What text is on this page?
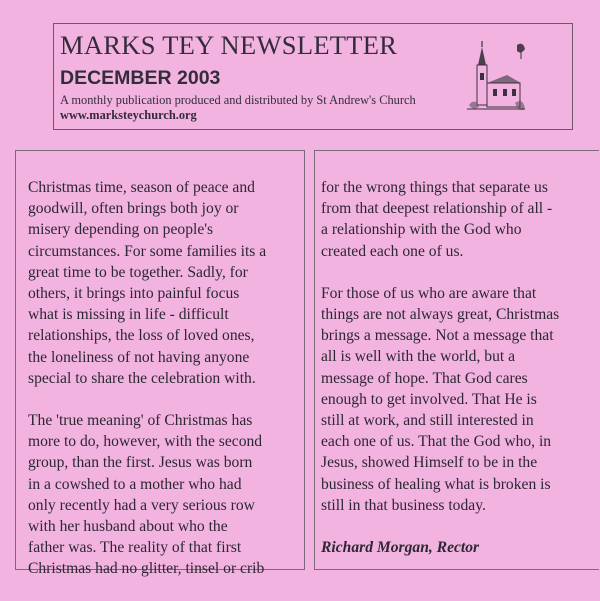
MARKS TEY NEWSLETTER
DECEMBER 2003
A monthly publication produced and distributed by St Andrew's Church
www.marksteychurch.org

Christmas time, season of peace and
goodwill, often brings both joy or
misery depending on people's
circumstances. For some families its a
great time to be together. Sadly, for
others, it brings into painful focus
what is missing in life - difficult
relationships, the loss of loved ones,
the loneliness of not having anyone
special to share the celebration with.

The 'true meaning' of Christmas has
more to do, however, with the second
group, than the first. Jesus was born
in a cowshed to a mother who had
only recently had a very serious row
with her husband about who the
father was. The reality of that first
Christmas had no glitter, tinsel or crib

for the wrong things that separate us
from that deepest relationship of all -
a relationship with the God who
created each one of us.

For those of us who are aware that
things are not always great, Christmas
brings a message. Not a message that
all is well with the world, but a
message of hope. That God cares
enough to get involved. That He is
still at work, and still interested in
each one of us. That the God who, in
Jesus, showed Himself to be in the
business of healing what is broken is
still in that business today.

Richard Morgan, Rector
